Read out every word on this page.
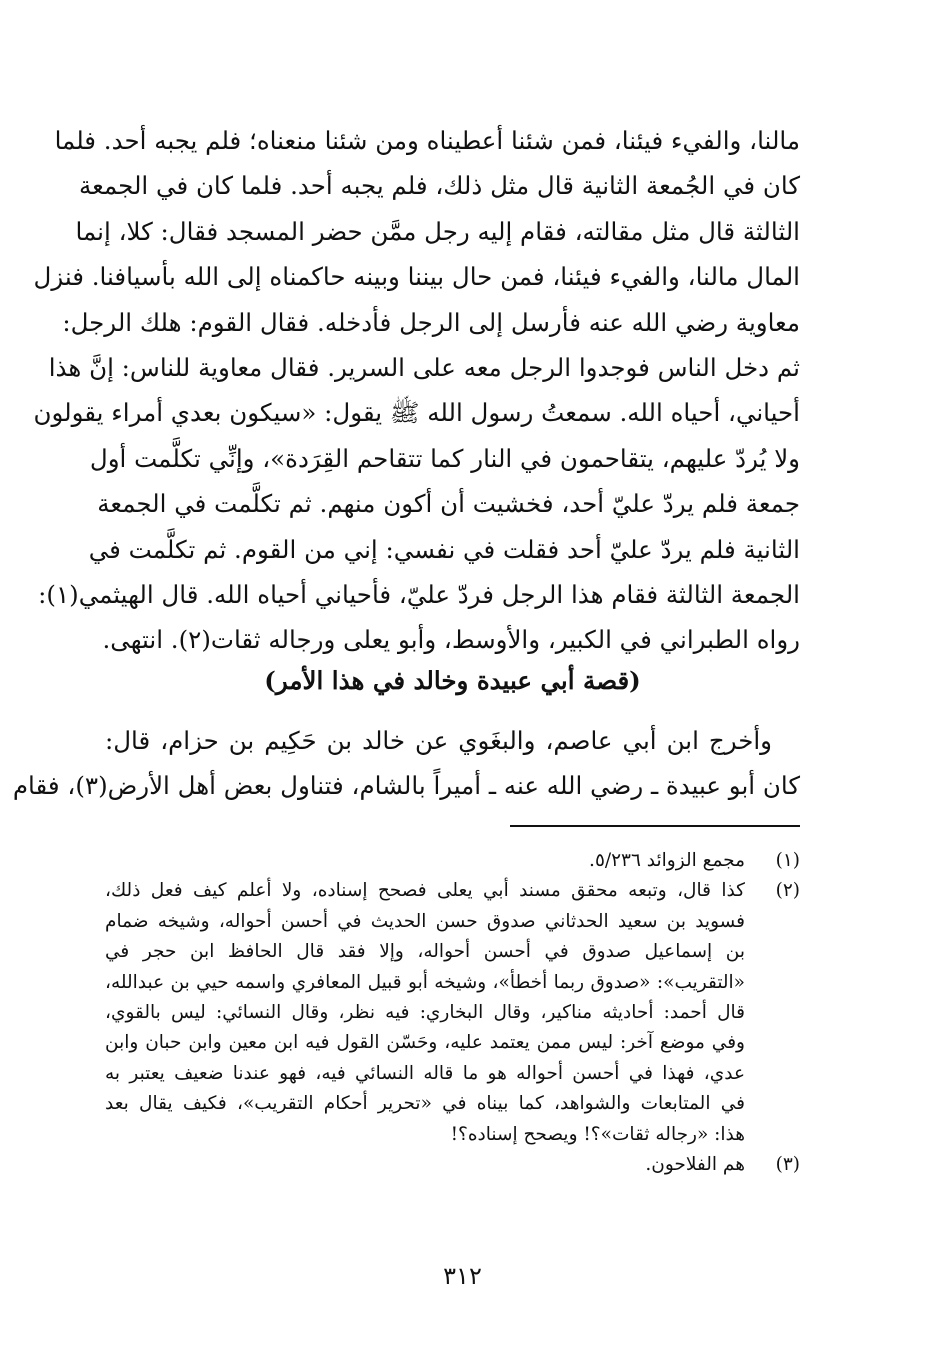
مالنا، والفيء فيئنا، فمن شئنا أعطيناه ومن شئنا منعناه؛ فلم يجبه أحد. فلما
كان في الجُمعة الثانية قال مثل ذلك، فلم يجبه أحد. فلما كان في الجمعة
الثالثة قال مثل مقالته، فقام إليه رجل ممَّن حضر المسجد فقال: كلا، إنما
المال مالنا، والفيء فيئنا، فمن حال بيننا وبينه حاكمناه إلى الله بأسيافنا. فنزل
معاوية رضي الله عنه فأرسل إلى الرجل فأدخله. فقال القوم: هلك الرجل:
ثم دخل الناس فوجدوا الرجل معه على السرير. فقال معاوية للناس: إنَّ هذا
أحياني، أحياه الله. سمعتُ رسول الله ﷺ يقول: «سيكون بعدي أمراء يقولون
ولا يُردّ عليهم، يتقاحمون في النار كما تتقاحم القِرَدة»، وإنِّي تكلَّمت أول
جمعة فلم يردّ عليّ أحد، فخشيت أن أكون منهم. ثم تكلَّمت في الجمعة
الثانية فلم يردّ عليّ أحد فقلت في نفسي: إني من القوم. ثم تكلَّمت في
الجمعة الثالثة فقام هذا الرجل فردّ عليّ، فأحياني أحياه الله. قال الهيثمي(١):
رواه الطبراني في الكبير، والأوسط، وأبو يعلى ورجاله ثقات(٢). انتهى.
(قصة أبي عبيدة وخالد في هذا الأمر)
وأخرج ابن أبي عاصم، والبغَوي عن خالد بن حَكِيم بن حزام، قال:
كان أبو عبيدة ـ رضي الله عنه ـ أميراً بالشام، فتناول بعض أهل الأرض(٣)، فقام
(١)
مجمع الزوائد ٥/٢٣٦.
(٢)
كذا قال، وتبعه محقق مسند أبي يعلى فصحح إسناده، ولا أعلم كيف فعل ذلك،
فسويد بن سعيد الحدثاني صدوق حسن الحديث في أحسن أحواله، وشيخه ضمام
بن إسماعيل صدوق في أحسن أحواله، وإلا فقد قال الحافظ ابن حجر في
«التقريب»: «صدوق ربما أخطأ»، وشيخه أبو قبيل المعافري واسمه حيي بن عبدالله،
قال أحمد: أحاديثه مناكير، وقال البخاري: فيه نظر، وقال النسائي: ليس بالقوي،
وفي موضع آخر: ليس ممن يعتمد عليه، وحَسّن القول فيه ابن معين وابن حبان وابن
عدي، فهذا في أحسن أحواله هو ما قاله النسائي فيه، فهو عندنا ضعيف يعتبر به
في المتابعات والشواهد، كما بيناه في «تحرير أحكام التقريب»، فكيف يقال بعد
هذا: «رجاله ثقات»؟! ويصحح إسناده؟!
(٣)
هم الفلاحون.
٣١٢
